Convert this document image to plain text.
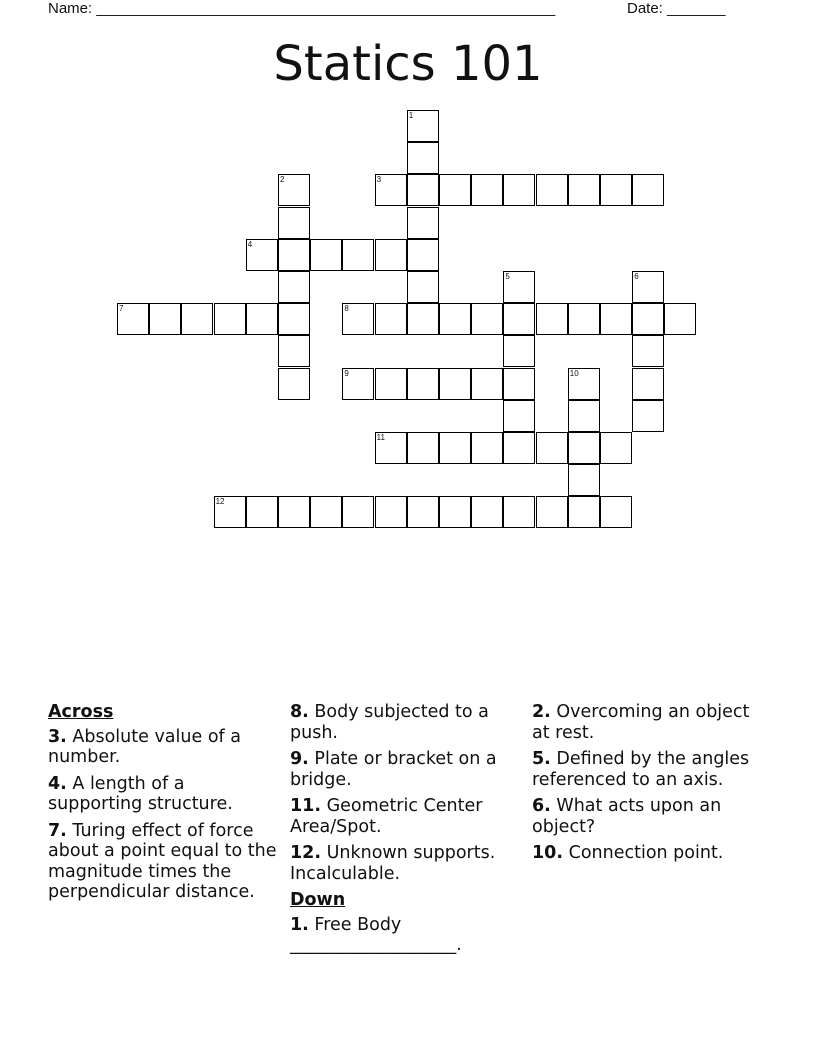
Name: _______________________________________________________	Date: _______
Statics 101
1
2	3
4
5	6
7	8
9	10
11
12
Across
3. Absolute value of a number.
4. A length of a supporting structure.
7. Turing effect of force about a point equal to the magnitude times the perpendicular distance.
8. Body subjected to a push.
9. Plate or bracket on a bridge.
11. Geometric Center Area/Spot.
12. Unknown supports. Incalculable.
Down
1. Free Body ___________________.
2. Overcoming an object at rest.
5. Defined by the angles referenced to an axis.
6. What acts upon an object?
10. Connection point.
